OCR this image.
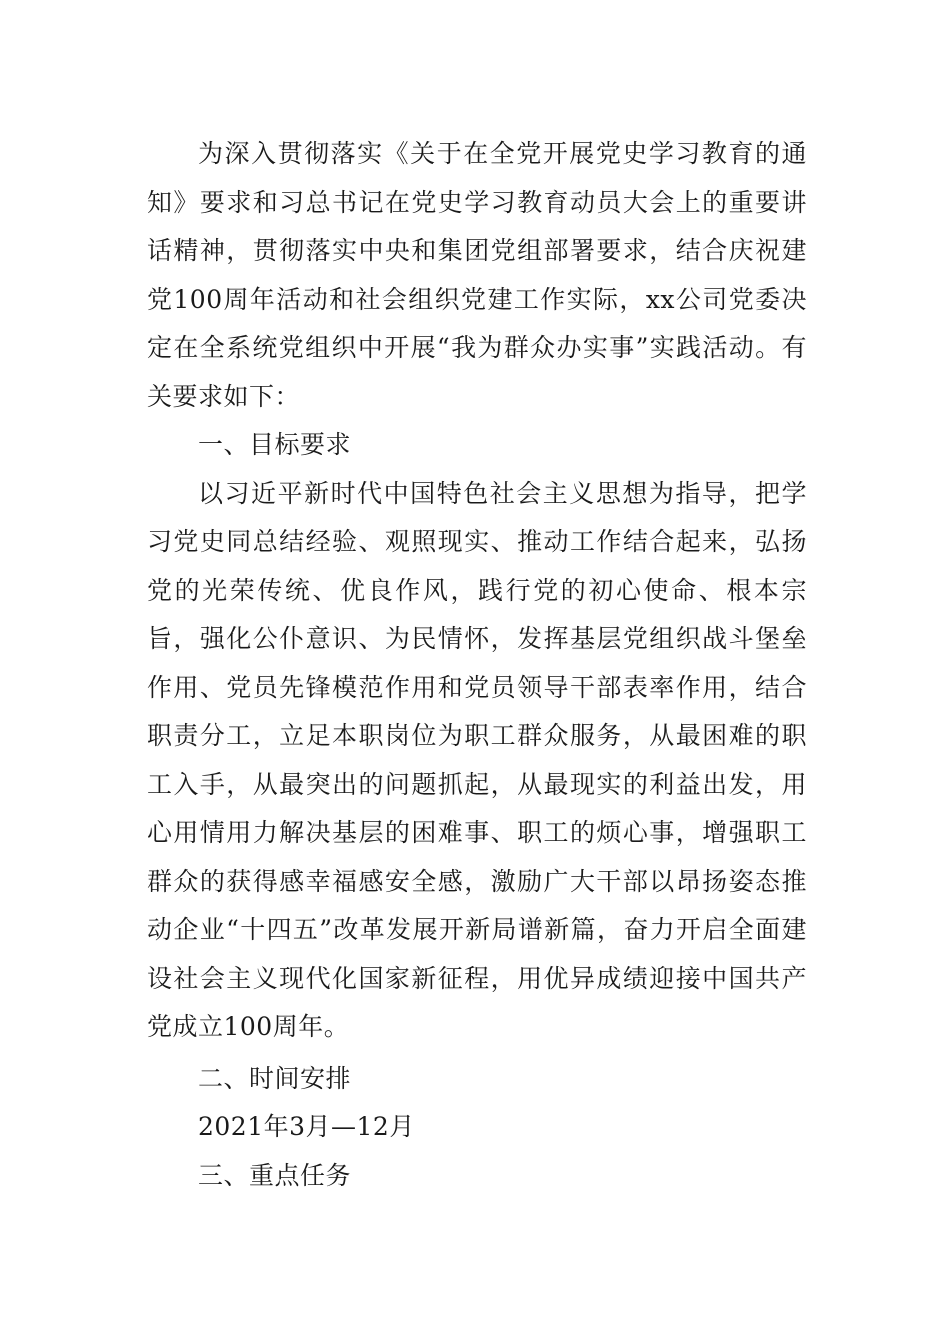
为深入贯彻落实《关于在全党开展党史学习教育的通知》要求和习总书记在党史学习教育动员大会上的重要讲话精神，贯彻落实中央和集团党组部署要求，结合庆祝建党100周年活动和社会组织党建工作实际，xx公司党委决定在全系统党组织中开展“我为群众办实事”实践活动。有关要求如下：

一、目标要求

以习近平新时代中国特色社会主义思想为指导，把学习党史同总结经验、观照现实、推动工作结合起来，弘扬党的光荣传统、优良作风，践行党的初心使命、根本宗旨，强化公仆意识、为民情怀，发挥基层党组织战斗堡垒作用、党员先锋模范作用和党员领导干部表率作用，结合职责分工，立足本职岗位为职工群众服务，从最困难的职工入手，从最突出的问题抓起，从最现实的利益出发，用心用情用力解决基层的困难事、职工的烦心事，增强职工群众的获得感幸福感安全感，激励广大干部以昂扬姿态推动企业“十四五”改革发展开新局谱新篇，奋力开启全面建设社会主义现代化国家新征程，用优异成绩迎接中国共产党成立100周年。

二、时间安排

2021年3月—12月

三、重点任务
